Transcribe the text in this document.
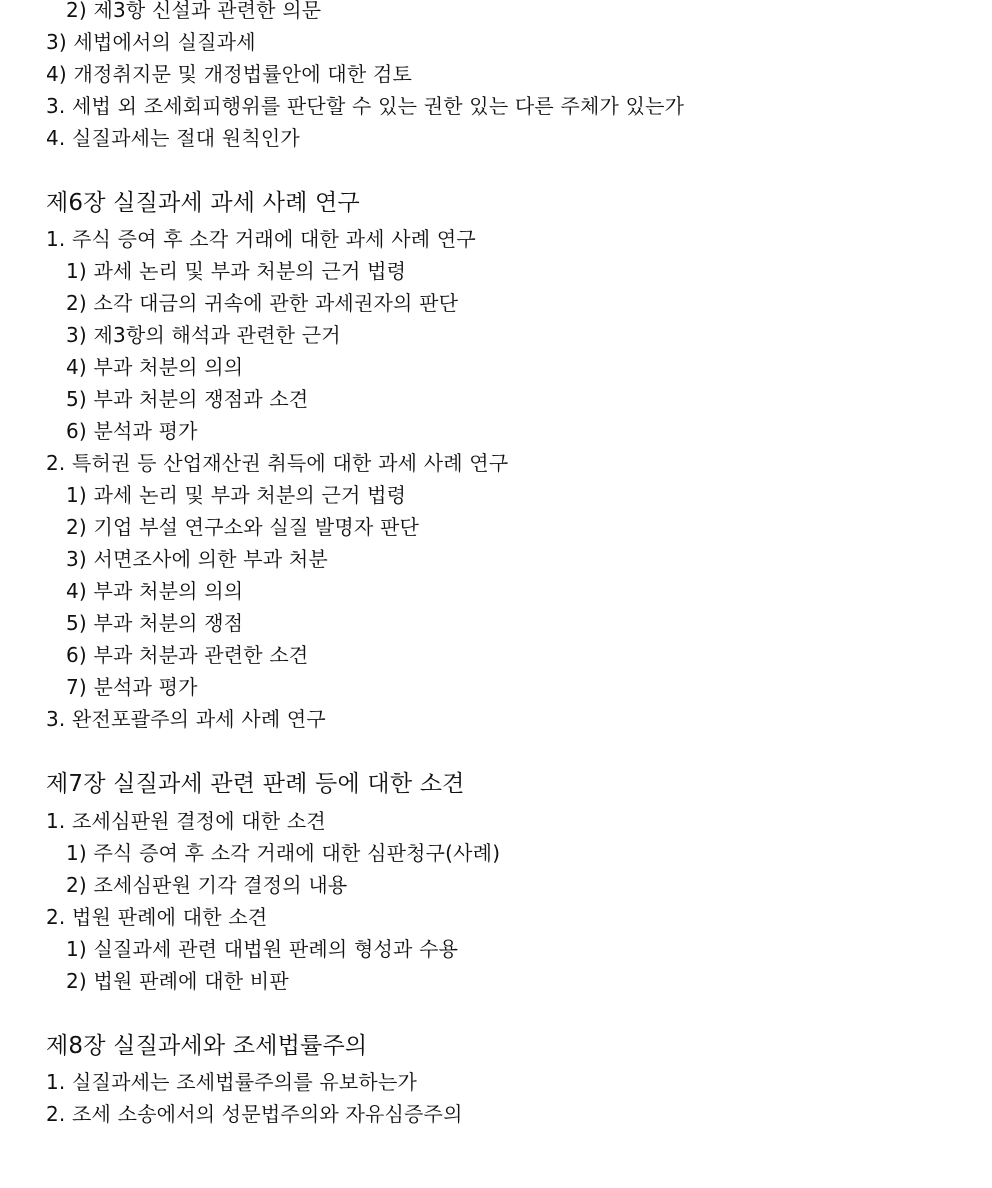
2) 제3항 신설과 관련한 의문
3) 세법에서의 실질과세
4) 개정취지문 및 개정법률안에 대한 검토
3. 세법 외 조세회피행위를 판단할 수 있는 권한 있는 다른 주체가 있는가
4. 실질과세는 절대 원칙인가
제6장 실질과세 과세 사례 연구
1. 주식 증여 후 소각 거래에 대한 과세 사례 연구
1) 과세 논리 및 부과 처분의 근거 법령
2) 소각 대금의 귀속에 관한 과세권자의 판단
3) 제3항의 해석과 관련한 근거
4) 부과 처분의 의의
5) 부과 처분의 쟁점과 소견
6) 분석과 평가
2. 특허권 등 산업재산권 취득에 대한 과세 사례 연구
1) 과세 논리 및 부과 처분의 근거 법령
2) 기업 부설 연구소와 실질 발명자 판단
3) 서면조사에 의한 부과 처분
4) 부과 처분의 의의
5) 부과 처분의 쟁점
6) 부과 처분과 관련한 소견
7) 분석과 평가
3. 완전포괄주의 과세 사례 연구
제7장 실질과세 관련 판례 등에 대한 소견
1. 조세심판원 결정에 대한 소견
1) 주식 증여 후 소각 거래에 대한 심판청구(사례)
2) 조세심판원 기각 결정의 내용
2. 법원 판례에 대한 소견
1) 실질과세 관련 대법원 판례의 형성과 수용
2) 법원 판례에 대한 비판
제8장 실질과세와 조세법률주의
1. 실질과세는 조세법률주의를 유보하는가
2. 조세 소송에서의 성문법주의와 자유심증주의
